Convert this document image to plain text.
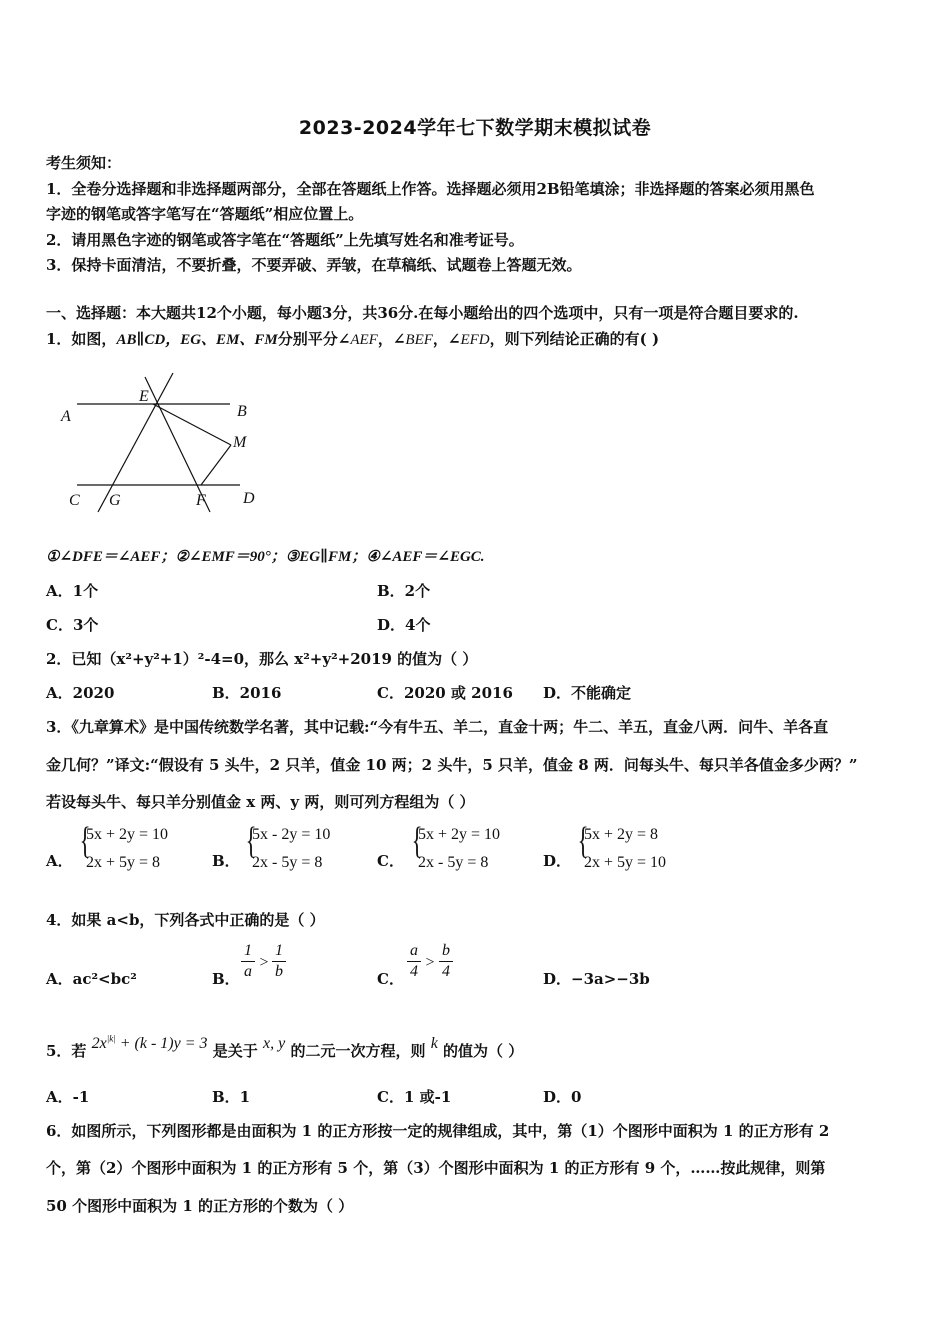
2023-2024学年七下数学期末模拟试卷
考生须知：
1．全卷分选择题和非选择题两部分，全部在答题纸上作答。选择题必须用2B铅笔填涂；非选择题的答案必须用黑色
字迹的钢笔或答字笔写在“答题纸”相应位置上。
2．请用黑色字迹的钢笔或答字笔在“答题纸”上先填写姓名和准考证号。
3．保持卡面清洁，不要折叠，不要弄破、弄皱，在草稿纸、试题卷上答题无效。
一、选择题：本大题共12个小题，每小题3分，共36分.在每小题给出的四个选项中，只有一项是符合题目要求的.
1．如图，AB∥CD，EG、EM、FM分别平分∠AEF，∠BEF，∠EFD，则下列结论正确的有( )
A
E
B
M
C G	F D
①∠DFE＝∠AEF；②∠EMF＝90°；③EG∥FM；④∠AEF＝∠EGC.
A．1个	B．2个
C．3个	D．4个
2．已知（x²+y²+1）²-4=0，那么 x²+y²+2019 的值为（ ）
A．2020	B．2016	C．2020 或 2016 D．不能确定
3．《九章算术》是中国传统数学名著，其中记载:“今有牛五、羊二，直金十两；牛二、羊五，直金八两．问牛、羊各直
金几何？”译文:“假设有 5 头牛，2 只羊，值金 10 两；2 头牛，5 只羊，值金 8 两．问每头牛、每只羊各值金多少两？”
若设每头牛、每只羊分别值金 x 两、y 两，则可列方程组为（ ）
A． {
5x + 2y = 10
2x + 5y = 8	B． {
5x - 2y = 10
2x - 5y = 8	C． {
5x + 2y = 10
2x - 5y = 8	D． {
5x + 2y = 8
2x + 5y = 10
4．如果 a<b，下列各式中正确的是（ ）
A．ac²<bc²	B．
1
a
>
1
b	C．
a
4
>
b
4	D．−3a>−3b
5．若 $2x^{|k|} + (k - 1)y = 3$ 是关于 x, y 的二元一次方程，则 k 的值为（ ）
A．-1	B．1	C．1 或-1	D．0
6．如图所示，下列图形都是由面积为 1 的正方形按一定的规律组成，其中，第（1）个图形中面积为 1 的正方形有 2
个，第（2）个图形中面积为 1 的正方形有 5 个，第（3）个图形中面积为 1 的正方形有 9 个，……按此规律，则第
50 个图形中面积为 1 的正方形的个数为（ ）
